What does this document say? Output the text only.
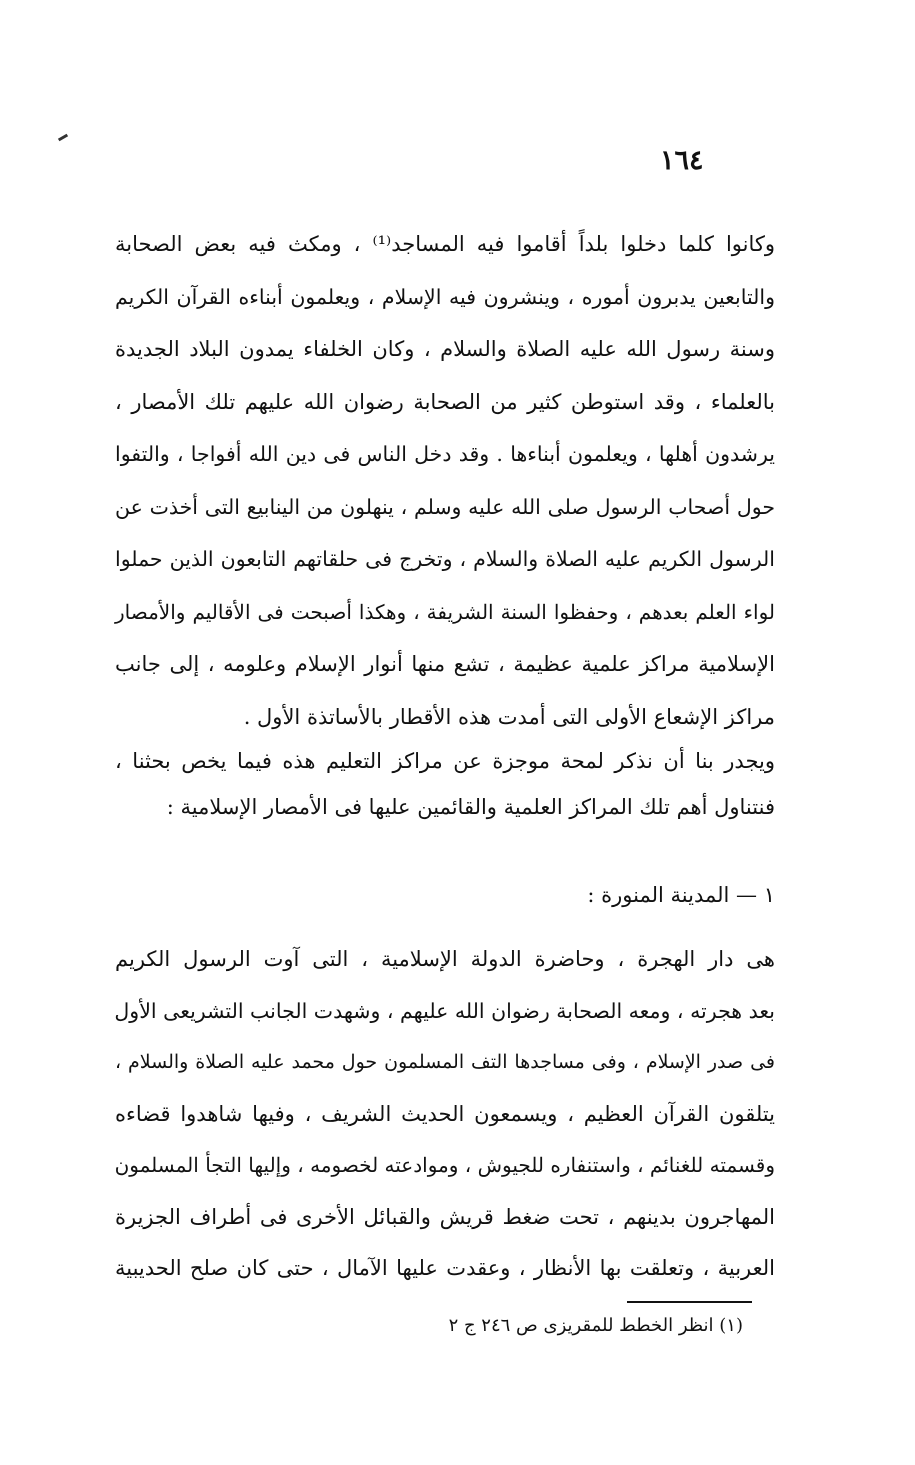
١٦٤
وكانوا كلما دخلوا بلداً أقاموا فيه المساجد⁽¹⁾ ، ومكث فيه بعض الصحابة
والتابعين يدبرون أموره ، وينشرون فيه الإسلام ، ويعلمون أبناءه القرآن الكريم
وسنة رسول الله عليه الصلاة والسلام ، وكان الخلفاء يمدون البلاد الجديدة
بالعلماء ، وقد استوطن كثير من الصحابة رضوان الله عليهم تلك الأمصار ،
يرشدون أهلها ، ويعلمون أبناءها . وقد دخل الناس فى دين الله أفواجا ، والتفوا
حول أصحاب الرسول صلى الله عليه وسلم ، ينهلون من الينابيع التى أخذت عن
الرسول الكريم عليه الصلاة والسلام ، وتخرج فى حلقاتهم التابعون الذين حملوا
لواء العلم بعدهم ، وحفظوا السنة الشريفة ، وهكذا أصبحت فى الأقاليم والأمصار
الإسلامية مراكز علمية عظيمة ، تشع منها أنوار الإسلام وعلومه ، إلى جانب
مراكز الإشعاع الأولى التى أمدت هذه الأقطار بالأساتذة الأول .
ويجدر بنا أن نذكر لمحة موجزة عن مراكز التعليم هذه فيما يخص بحثنا ،
فنتناول أهم تلك المراكز العلمية والقائمين عليها فى الأمصار الإسلامية :
١ — المدينة المنورة :
هى دار الهجرة ، وحاضرة الدولة الإسلامية ، التى آوت الرسول الكريم
بعد هجرته ، ومعه الصحابة رضوان الله عليهم ، وشهدت الجانب التشريعى الأول
فى صدر الإسلام ، وفى مساجدها التف المسلمون حول محمد عليه الصلاة والسلام ،
يتلقون القرآن العظيم ، ويسمعون الحديث الشريف ، وفيها شاهدوا قضاءه
وقسمته للغنائم ، واستنفاره للجيوش ، وموادعته لخصومه ، وإليها التجأ المسلمون
المهاجرون بدينهم ، تحت ضغط قريش والقبائل الأخرى فى أطراف الجزيرة
العربية ، وتعلقت بها الأنظار ، وعقدت عليها الآمال ، حتى كان صلح الحديبية
(١) انظر الخطط للمقريزى ص ٢٤٦ ج ٢
